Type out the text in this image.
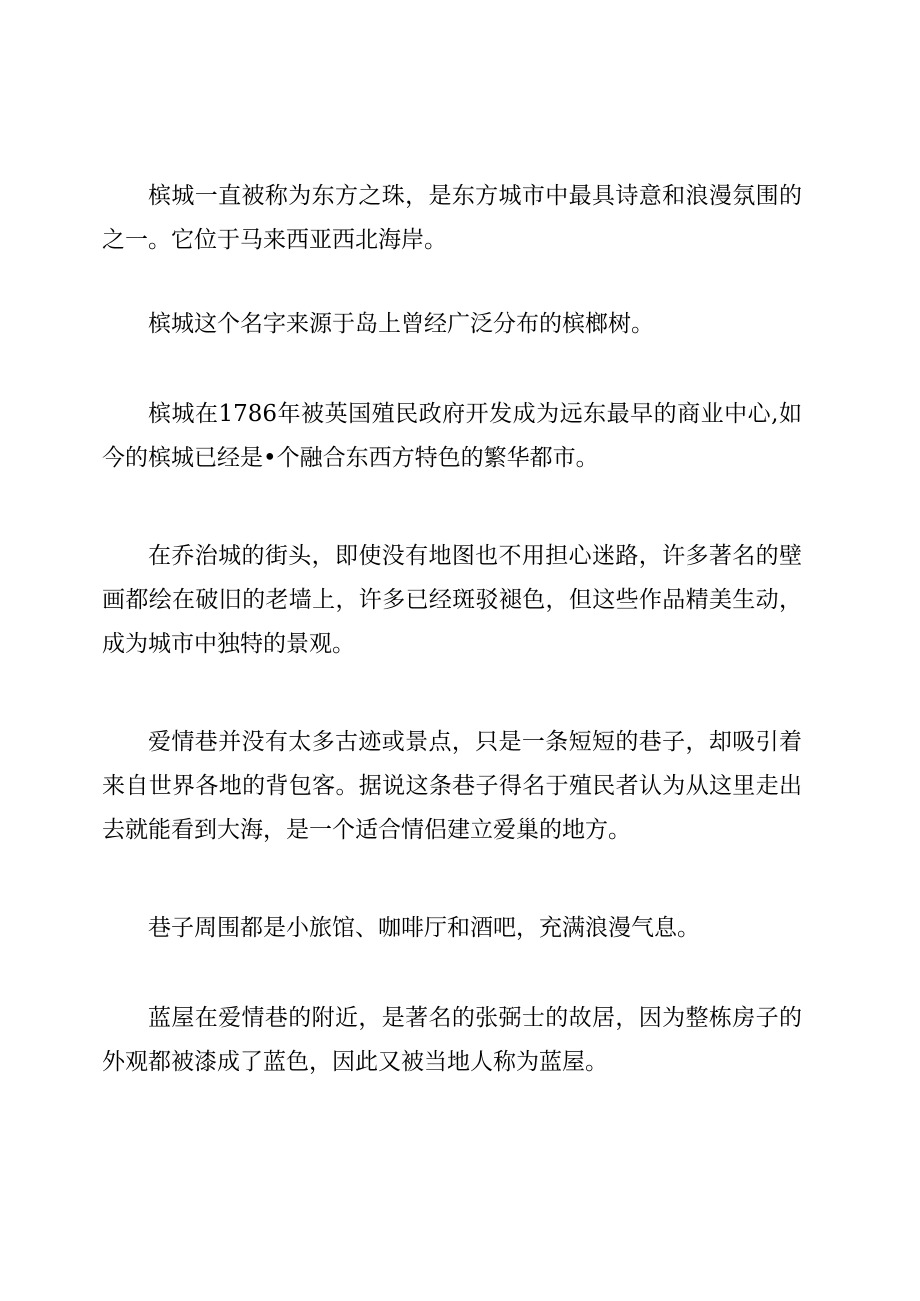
槟城一直被称为东方之珠，是东方城市中最具诗意和浪漫氛围的之一。它位于马来西亚西北海岸。

槟城这个名字来源于岛上曾经广泛分布的槟榔树。

槟城在1786年被英国殖民政府开发成为远东最早的商业中心,如今的槟城已经是•个融合东西方特色的繁华都市。

在乔治城的街头，即使没有地图也不用担心迷路，许多著名的壁画都绘在破旧的老墙上，许多已经斑驳褪色，但这些作品精美生动，成为城市中独特的景观。

爱情巷并没有太多古迹或景点，只是一条短短的巷子，却吸引着来自世界各地的背包客。据说这条巷子得名于殖民者认为从这里走出去就能看到大海，是一个适合情侣建立爱巢的地方。

巷子周围都是小旅馆、咖啡厅和酒吧，充满浪漫气息。

蓝屋在爱情巷的附近，是著名的张弼士的故居，因为整栋房子的外观都被漆成了蓝色，因此又被当地人称为蓝屋。
